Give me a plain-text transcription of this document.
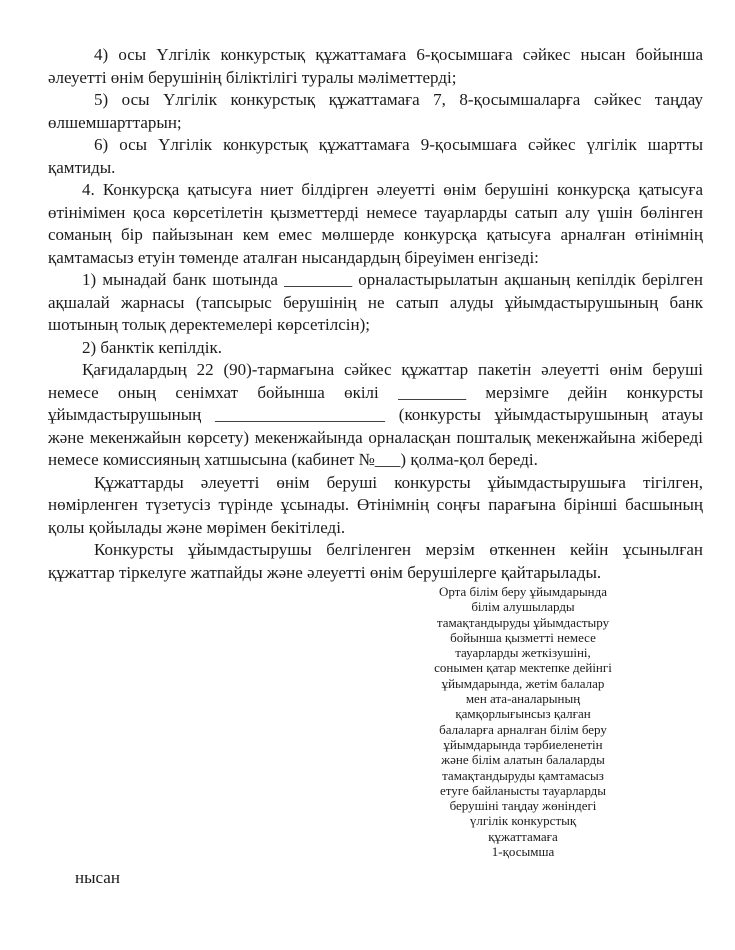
4) осы Үлгілік конкурстық құжаттамаға 6-қосымшаға сәйкес нысан бойынша әлеуетті өнім берушінің біліктілігі туралы мәліметтерді;

5) осы Үлгілік конкурстық құжаттамаға 7, 8-қосымшаларға сәйкес таңдау өлшемшарттарын;

6) осы Үлгілік конкурстық құжаттамаға 9-қосымшаға сәйкес үлгілік шартты қамтиды.

4. Конкурсқа қатысуға ниет білдірген әлеуетті өнім берушіні конкурсқа қатысуға өтінімімен қоса көрсетілетін қызметтерді немесе тауарларды сатып алу үшін бөлінген соманың бір пайызынан кем емес мөлшерде конкурсқа қатысуға арналған өтінімнің қамтамасыз етуін төменде аталған нысандардың біреуімен енгізеді:

1) мынадай банк шотында ________ орналастырылатын ақшаның кепілдік берілген ақшалай жарнасы (тапсырыс берушінің не сатып алуды ұйымдастырушының банк шотының толық деректемелері көрсетілсін);

2) банктік кепілдік.

Қағидалардың 22 (90)-тармағына сәйкес құжаттар пакетін әлеуетті өнім беруші немесе оның сенімхат бойынша өкілі ________ мерзімге дейін конкурсты ұйымдастырушының ____________________ (конкурсты ұйымдастырушының атауы және мекенжайын көрсету) мекенжайында орналасқан пошталық мекенжайына жібереді немесе комиссияның хатшысына (кабинет №___) қолма-қол береді.

Құжаттарды әлеуетті өнім беруші конкурсты ұйымдастырушыға тігілген, нөмірленген түзетусіз түрінде ұсынады. Өтінімнің соңғы парағына бірінші басшының қолы қойылады және мөрімен бекітіледі.

Конкурсты ұйымдастырушы белгіленген мерзім өткеннен кейін ұсынылған құжаттар тіркелуге жатпайды және әлеуетті өнім берушілерге қайтарылады.

Орта білім беру ұйымдарында

білім алушыларды

тамақтандыруды ұйымдастыру

бойынша қызметті немесе

тауарларды жеткізушіні,

сонымен қатар мектепке дейінгі

ұйымдарында, жетім балалар

мен ата-аналарының

қамқорлығынсыз қалған

балаларға арналған білім беру

ұйымдарында тәрбиеленетін

және білім алатын балаларды

тамақтандыруды қамтамасыз

етуге байланысты тауарларды

берушіні таңдау жөніндегі

үлгілік конкурстық

құжаттамаға

1-қосымша

нысан
